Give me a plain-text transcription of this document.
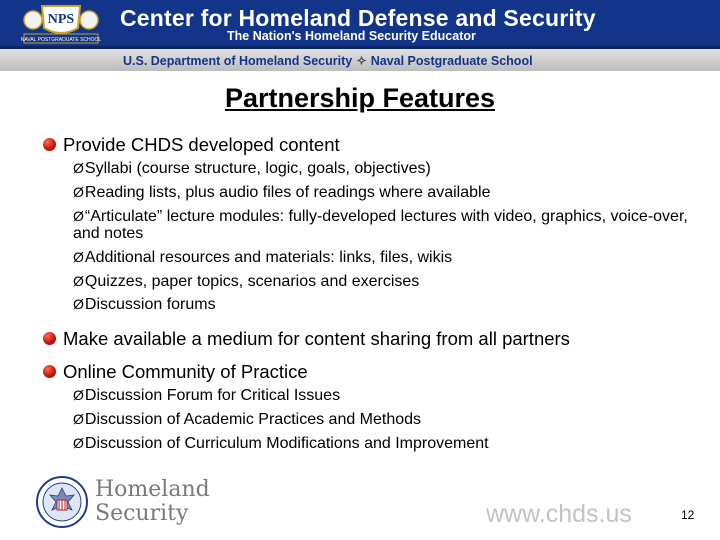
NPS
NAVAL POSTGRADUATE SCHOOL
Center for Homeland Defense and Security
The Nation's Homeland Security Educator
U.S. Department of Homeland Security ✧ Naval Postgraduate School
Partnership Features
Provide CHDS developed content
ØSyllabi (course structure, logic, goals, objectives)
ØReading lists, plus audio files of readings where available
Ø“Articulate” lecture modules: fully-developed lectures with video, graphics, voice-over, and notes
ØAdditional resources and materials: links, files, wikis
ØQuizzes, paper topics, scenarios and exercises
ØDiscussion forums
Make available a medium for content sharing from all partners
Online Community of Practice
ØDiscussion Forum for Critical Issues
ØDiscussion of Academic Practices and Methods
ØDiscussion of Curriculum Modifications and Improvement
Homeland
Security	www.chds.us	12
